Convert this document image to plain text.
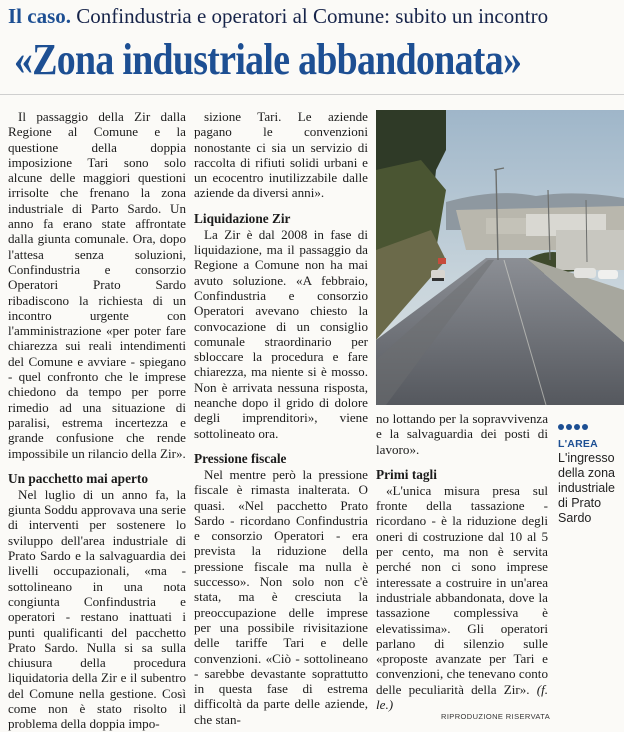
Il caso. Confindustria e operatori al Comune: subito un incontro
«Zona industriale abbandonata»

Il passaggio della Zir dalla Regione al Comune e la questione della doppia imposizione Tari sono solo alcune delle maggiori questioni irrisolte che frenano la zona industriale di Parto Sardo. Un anno fa erano state affrontate dalla giunta comunale. Ora, dopo l'attesa senza soluzioni, Confindustria e consorzio Operatori Prato Sardo ribadiscono la richiesta di un incontro urgente con l'amministrazione «per poter fare chiarezza sui reali intendimenti del Comune e avviare - spiegano - quel confronto che le imprese chiedono da tempo per porre rimedio ad una situazione di paralisi, estrema incertezza e grande confusione che rende impossibile un rilancio della Zir».

Un pacchetto mai aperto

Nel luglio di un anno fa, la giunta Soddu approvava una serie di interventi per sostenere lo sviluppo dell'area industriale di Prato Sardo e la salvaguardia dei livelli occupazionali, «ma - sottolineano in una nota congiunta Confindustria e operatori - restano inattuati i punti qualificanti del pacchetto Prato Sardo. Nulla si sa sulla chiusura della procedura liquidatoria della Zir e il subentro del Comune nella gestione. Così come non è stato risolto il problema della doppia impo-

sizione Tari. Le aziende pagano le convenzioni nonostante ci sia un servizio di raccolta di rifiuti solidi urbani e un ecocentro inutilizzabile dalle aziende da diversi anni».

Liquidazione Zir

La Zir è dal 2008 in fase di liquidazione, ma il passaggio da Regione a Comune non ha mai avuto soluzione. «A febbraio, Confindustria e consorzio Operatori avevano chiesto la convocazione di un consiglio comunale straordinario per sbloccare la procedura e fare chiarezza, ma niente si è mosso. Non è arrivata nessuna risposta, neanche dopo il grido di dolore degli imprenditori», viene sottolineato ora.

Pressione fiscale

Nel mentre però la pressione fiscale è rimasta inalterata. O quasi. «Nel pacchetto Prato Sardo - ricordano Confindustria e consorzio Operatori - era prevista la riduzione della pressione fiscale ma nulla è successo». Non solo non c'è stata, ma è cresciuta la preoccupazione delle imprese per una possibile rivisitazione delle tariffe Tari e delle convenzioni. «Ciò - sottolineano - sarebbe devastante soprattutto in questa fase di estrema difficoltà da parte delle aziende, che stan-

no lottando per la sopravvivenza e la salvaguardia dei posti di lavoro».

Primi tagli

«L'unica misura presa sul fronte della tassazione - ricordano - è la riduzione degli oneri di costruzione dal 10 al 5 per cento, ma non è servita perché non ci sono imprese interessate a costruire in un'area industriale abbandonata, dove la tassazione complessiva è elevatissima». Gli operatori parlano di silenzio sulle «proposte avanzate per Tari e convenzioni, che tenevano conto delle peculiarità della Zir». (f. le.)

L'AREA
L'ingresso della zona industriale di Prato Sardo
RIPRODUZIONE RISERVATA
